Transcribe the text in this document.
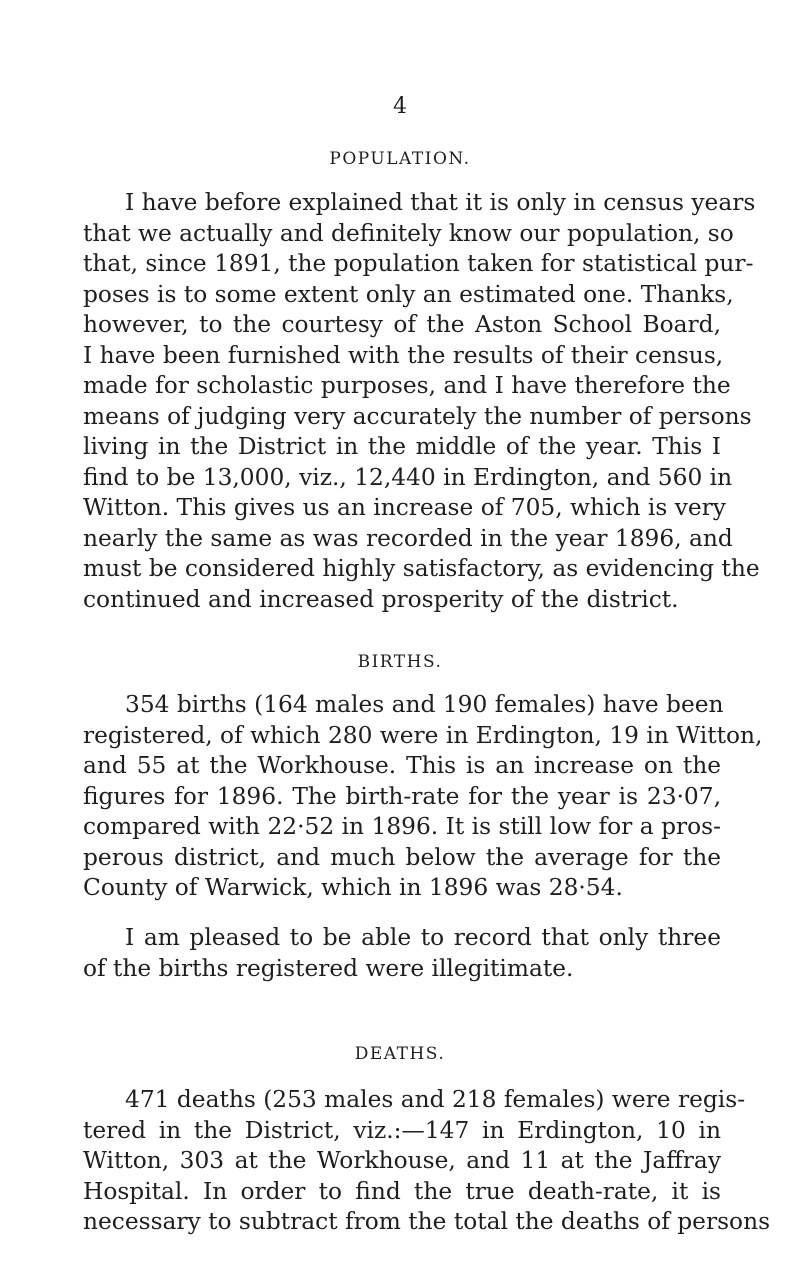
4
POPULATION.

I have before explained that it is only in census years
that we actually and definitely know our population, so
that, since 1891, the population taken for statistical pur-
poses is to some extent only an estimated one. Thanks,
however, to the courtesy of the Aston School Board,
I have been furnished with the results of their census,
made for scholastic purposes, and I have therefore the
means of judging very accurately the number of persons
living in the District in the middle of the year. This I
find to be 13,000, viz., 12,440 in Erdington, and 560 in
Witton. This gives us an increase of 705, which is very
nearly the same as was recorded in the year 1896, and
must be considered highly satisfactory, as evidencing the
continued and increased prosperity of the district.

BIRTHS.

354 births (164 males and 190 females) have been
registered, of which 280 were in Erdington, 19 in Witton,
and 55 at the Workhouse. This is an increase on the
figures for 1896. The birth-rate for the year is 23·07,
compared with 22·52 in 1896. It is still low for a pros-
perous district, and much below the average for the
County of Warwick, which in 1896 was 28·54.

I am pleased to be able to record that only three
of the births registered were illegitimate.

DEATHS.

471 deaths (253 males and 218 females) were regis-
tered in the District, viz.:—147 in Erdington, 10 in
Witton, 303 at the Workhouse, and 11 at the Jaffray
Hospital. In order to find the true death-rate, it is
necessary to subtract from the total the deaths of persons
